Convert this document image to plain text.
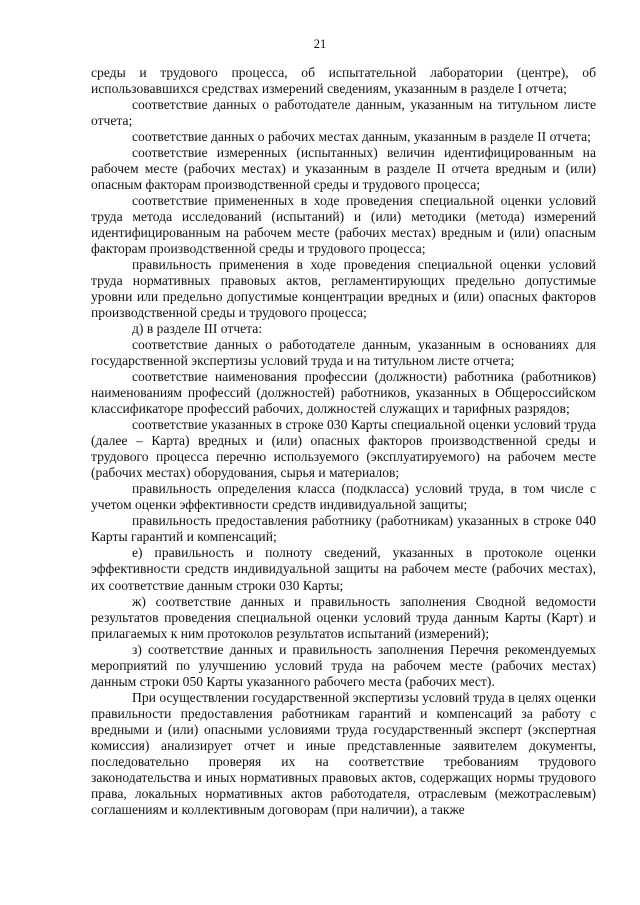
21

среды и трудового процесса, об испытательной лаборатории (центре), об использовавшихся средствах измерений сведениям, указанным в разделе I отчета;

соответствие данных о работодателе данным, указанным на титульном листе отчета;

соответствие данных о рабочих местах данным, указанным в разделе II отчета;

соответствие измеренных (испытанных) величин идентифицированным на рабочем месте (рабочих местах) и указанным в разделе II отчета вредным и (или) опасным факторам производственной среды и трудового процесса;

соответствие примененных в ходе проведения специальной оценки условий труда метода исследований (испытаний) и (или) методики (метода) измерений идентифицированным на рабочем месте (рабочих местах) вредным и (или) опасным факторам производственной среды и трудового процесса;

правильность применения в ходе проведения специальной оценки условий труда нормативных правовых актов, регламентирующих предельно допустимые уровни или предельно допустимые концентрации вредных и (или) опасных факторов производственной среды и трудового процесса;

д) в разделе III отчета:

соответствие данных о работодателе данным, указанным в основаниях для государственной экспертизы условий труда и на титульном листе отчета;

соответствие наименования профессии (должности) работника (работников) наименованиям профессий (должностей) работников, указанных в Общероссийском классификаторе профессий рабочих, должностей служащих и тарифных разрядов;

соответствие указанных в строке 030 Карты специальной оценки условий труда (далее – Карта) вредных и (или) опасных факторов производственной среды и трудового процесса перечню используемого (эксплуатируемого) на рабочем месте (рабочих местах) оборудования, сырья и материалов;

правильность определения класса (подкласса) условий труда, в том числе с учетом оценки эффективности средств индивидуальной защиты;

правильность предоставления работнику (работникам) указанных в строке 040 Карты гарантий и компенсаций;

е) правильность и полноту сведений, указанных в протоколе оценки эффективности средств индивидуальной защиты на рабочем месте (рабочих местах), их соответствие данным строки 030 Карты;

ж) соответствие данных и правильность заполнения Сводной ведомости результатов проведения специальной оценки условий труда данным Карты (Карт) и прилагаемых к ним протоколов результатов испытаний (измерений);

з) соответствие данных и правильность заполнения Перечня рекомендуемых мероприятий по улучшению условий труда на рабочем месте (рабочих местах) данным строки 050 Карты указанного рабочего места (рабочих мест).

При осуществлении государственной экспертизы условий труда в целях оценки правильности предоставления работникам гарантий и компенсаций за работу с вредными и (или) опасными условиями труда государственный эксперт (экспертная комиссия) анализирует отчет и иные представленные заявителем документы, последовательно проверяя их на соответствие требованиям трудового законодательства и иных нормативных правовых актов, содержащих нормы трудового права, локальных нормативных актов работодателя, отраслевым (межотраслевым) соглашениям и коллективным договорам (при наличии), а также
